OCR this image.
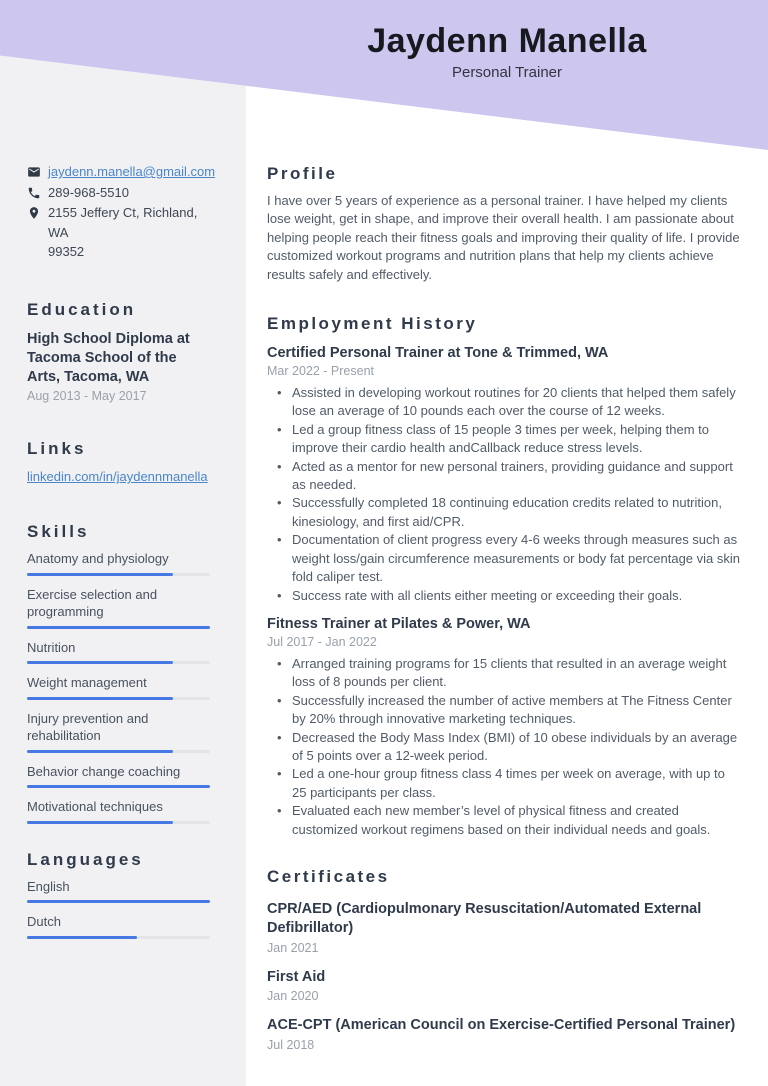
jaydenn.manella@gmail.com
289-968-5510
2155 Jeffery Ct, Richland, WA
99352
Education
High School Diploma at Tacoma School of the Arts, Tacoma, WA
Aug 2013 - May 2017
Links
linkedin.com/in/jaydennmanella
Skills
Anatomy and physiology
Exercise selection and programming
Nutrition
Weight management
Injury prevention and rehabilitation
Behavior change coaching
Motivational techniques
Languages
English
Dutch
Jaydenn Manella
Personal Trainer
Profile

I have over 5 years of experience as a personal trainer. I have helped my clients lose weight, get in shape, and improve their overall health. I am passionate about helping people reach their fitness goals and improving their quality of life. I provide customized workout programs and nutrition plans that help my clients achieve results safely and effectively.

Employment History
Certified Personal Trainer at Tone & Trimmed, WA
Mar 2022 - Present
• Assisted in developing workout routines for 20 clients that helped them safely lose an average of 10 pounds each over the course of 12 weeks.
• Led a group fitness class of 15 people 3 times per week, helping them to improve their cardio health andCallback reduce stress levels.
• Acted as a mentor for new personal trainers, providing guidance and support as needed.
• Successfully completed 18 continuing education credits related to nutrition, kinesiology, and first aid/CPR.
• Documentation of client progress every 4-6 weeks through measures such as weight loss/gain circumference measurements or body fat percentage via skin fold caliper test.
• Success rate with all clients either meeting or exceeding their goals.
Fitness Trainer at Pilates & Power, WA
Jul 2017 - Jan 2022
• Arranged training programs for 15 clients that resulted in an average weight loss of 8 pounds per client.
• Successfully increased the number of active members at The Fitness Center by 20% through innovative marketing techniques.
• Decreased the Body Mass Index (BMI) of 10 obese individuals by an average of 5 points over a 12-week period.
• Led a one-hour group fitness class 4 times per week on average, with up to 25 participants per class.
• Evaluated each new member’s level of physical fitness and created customized workout regimens based on their individual needs and goals.
Certificates
CPR/AED (Cardiopulmonary Resuscitation/Automated External Defibrillator)
Jan 2021
First Aid
Jan 2020
ACE-CPT (American Council on Exercise-Certified Personal Trainer)
Jul 2018
